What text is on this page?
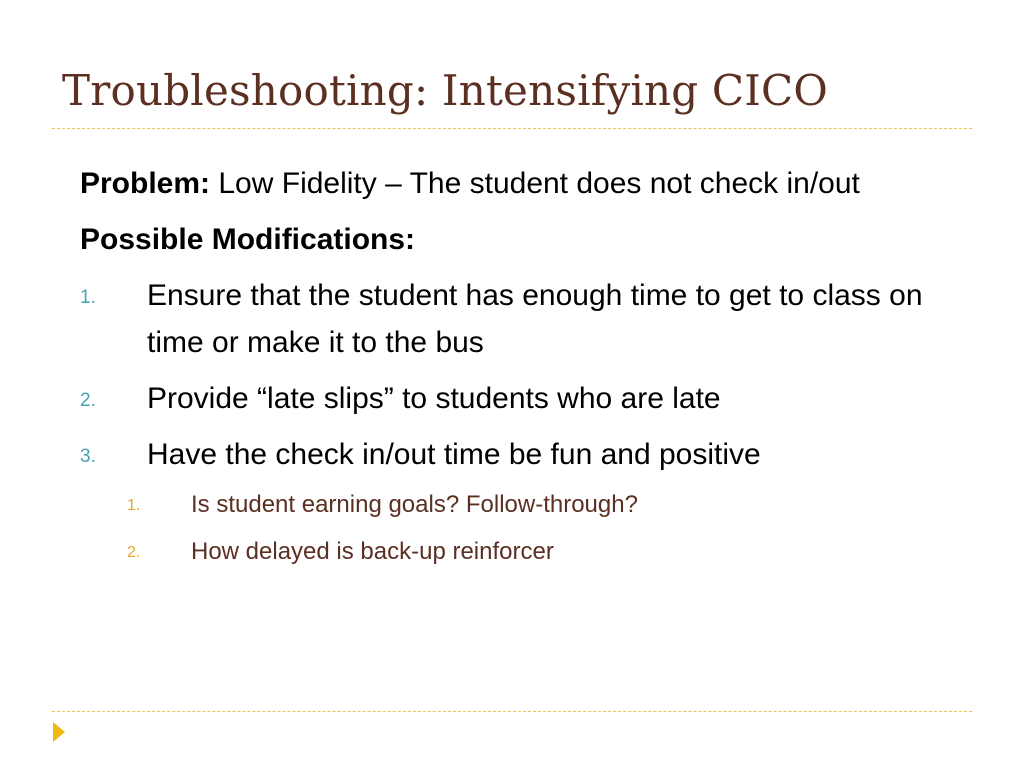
Troubleshooting: Intensifying CICO

Problem: Low Fidelity – The student does not check in/out

Possible Modifications:
1. Ensure that the student has enough time to get to class on time or make it to the bus
2. Provide “late slips” to students who are late
3. Have the check in/out time be fun and positive
1. Is student earning goals? Follow-through?
2. How delayed is back-up reinforcer
